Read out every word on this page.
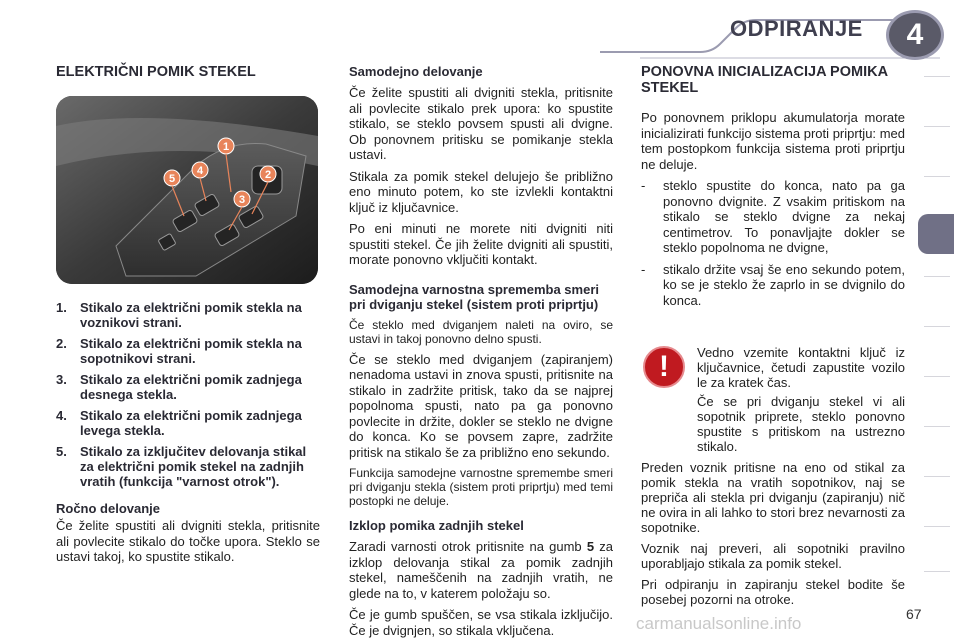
ODPIRANJE 4
ELEKTRIČNI POMIK STEKEL
1
2
3
4
5
1.	Stikalo za električni pomik stekla na voznikovi strani.
2.	Stikalo za električni pomik stekla na sopotnikovi strani.
3.	Stikalo za električni pomik zadnjega desnega stekla.
4.	Stikalo za električni pomik zadnjega levega stekla.
5.	Stikalo za izključitev delovanja stikal za električni pomik stekel na zadnjih vratih (funkcija "varnost otrok").
Ročno delovanje

Če želite spustiti ali dvigniti stekla, pritisnite ali povlecite stikalo do točke upora. Steklo se ustavi takoj, ko spustite stikalo.

Samodejno delovanje

Če želite spustiti ali dvigniti stekla, pritisnite ali povlecite stikalo prek upora: ko spustite stikalo, se steklo povsem spusti ali dvigne. Ob ponovnem pritisku se pomikanje stekla ustavi.

Stikala za pomik stekel delujejo še približno eno minuto potem, ko ste izvlekli kontaktni ključ iz ključavnice.

Po eni minuti ne morete niti dvigniti niti spustiti stekel. Če jih želite dvigniti ali spustiti, morate ponovno vključiti kontakt.

Samodejna varnostna sprememba smeri pri dviganju stekel (sistem proti priprtju)

Če steklo med dviganjem naleti na oviro, se ustavi in takoj ponovno delno spusti.

Če se steklo med dviganjem (zapiranjem) nenadoma ustavi in znova spusti, pritisnite na stikalo in zadržite pritisk, tako da se najprej popolnoma spusti, nato pa ga ponovno povlecite in držite, dokler se steklo ne dvigne do konca. Ko se povsem zapre, zadržite pritisk na stikalo še za približno eno sekundo.

Funkcija samodejne varnostne spremembe smeri pri dviganju stekla (sistem proti priprtju) med temi postopki ne deluje.

Izklop pomika zadnjih stekel

Zaradi varnosti otrok pritisnite na gumb 5 za izklop delovanja stikal za pomik zadnjih stekel, nameščenih na zadnjih vratih, ne glede na to, v katerem položaju so.

Če je gumb spuščen, se vsa stikala izključijo. Če je dvignjen, so stikala vključena.

PONOVNA INICIALIZACIJA POMIKA STEKEL

Po ponovnem priklopu akumulatorja morate inicializirati funkcijo sistema proti priprtju: med tem postopkom funkcija sistema proti priprtju ne deluje.

-	steklo spustite do konca, nato pa ga ponovno dvignite. Z vsakim pritiskom na stikalo se steklo dvigne za nekaj centimetrov. To ponavljajte dokler se steklo popolnoma ne dvigne,
-	stikalo držite vsaj še eno sekundo potem, ko se je steklo že zaprlo in se dvignilo do konca.
!	Vedno vzemite kontaktni ključ iz ključavnice, četudi zapustite vozilo le za kratek čas.

Če se pri dviganju stekel vi ali sopotnik priprete, steklo ponovno spustite s pritiskom na ustrezno stikalo.

Preden voznik pritisne na eno od stikal za pomik stekla na vratih sopotnikov, naj se prepriča ali stekla pri dviganju (zapiranju) nič ne ovira in ali lahko to stori brez nevarnosti za sopotnike.

Voznik naj preveri, ali sopotniki pravilno uporabljajo stikala za pomik stekel.

Pri odpiranju in zapiranju stekel bodite še posebej pozorni na otroke.

67
carmanualsonline.info
